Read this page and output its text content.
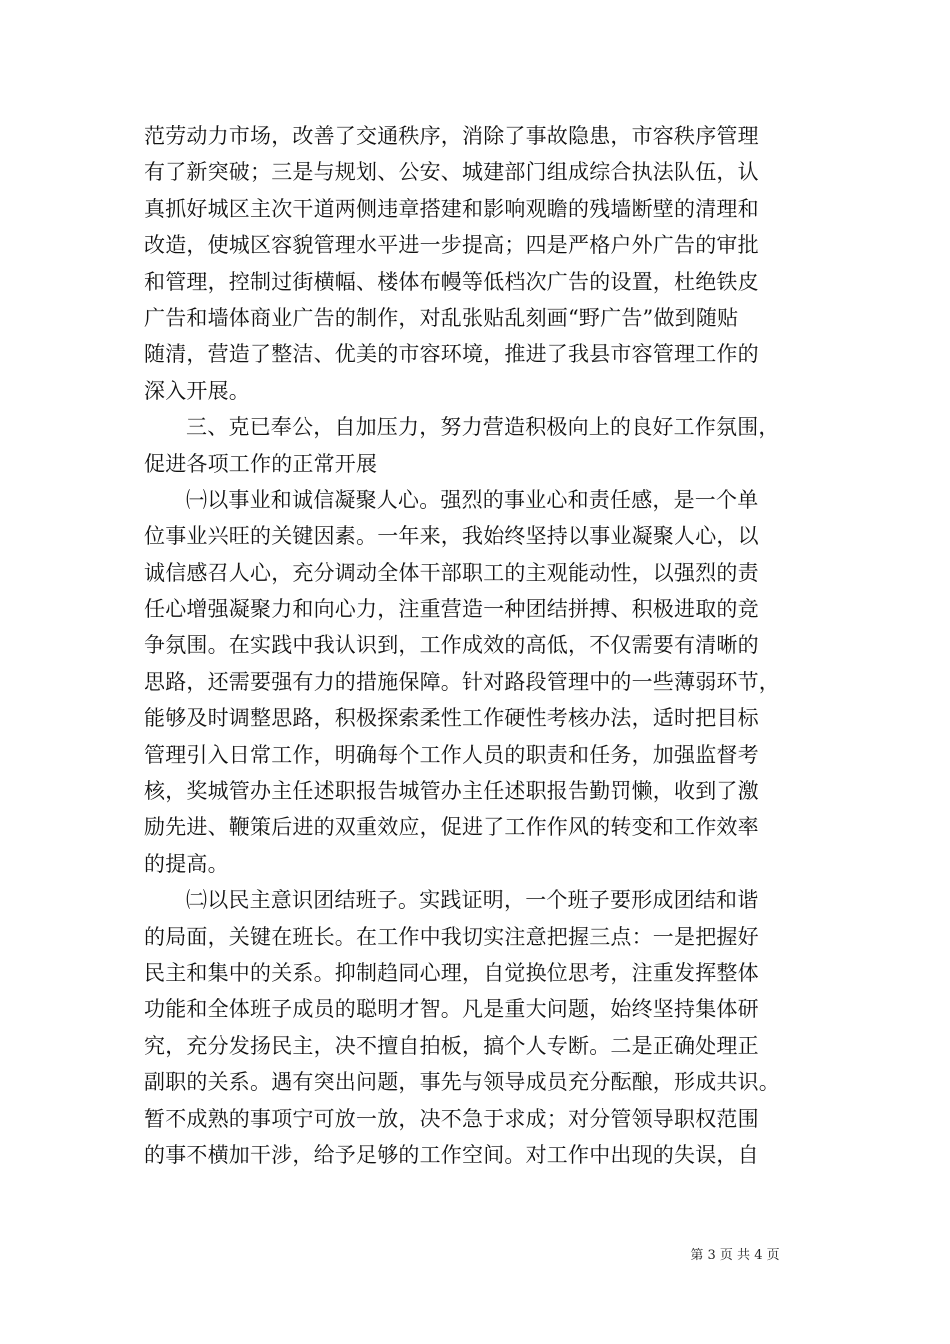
范劳动力市场，改善了交通秩序，消除了事故隐患，市容秩序管理
有了新突破；三是与规划、公安、城建部门组成综合执法队伍，认
真抓好城区主次干道两侧违章搭建和影响观瞻的残墙断壁的清理和
改造，使城区容貌管理水平进一步提高；四是严格户外广告的审批
和管理，控制过街横幅、楼体布幔等低档次广告的设置，杜绝铁皮
广告和墙体商业广告的制作，对乱张贴乱刻画“野广告”做到随贴
随清，营造了整洁、优美的市容环境，推进了我县市容管理工作的
深入开展。
三、克已奉公，自加压力，努力营造积极向上的良好工作氛围，
促进各项工作的正常开展
㈠以事业和诚信凝聚人心。强烈的事业心和责任感，是一个单
位事业兴旺的关键因素。一年来，我始终坚持以事业凝聚人心，以
诚信感召人心，充分调动全体干部职工的主观能动性，以强烈的责
任心增强凝聚力和向心力，注重营造一种团结拼搏、积极进取的竞
争氛围。在实践中我认识到，工作成效的高低，不仅需要有清晰的
思路，还需要强有力的措施保障。针对路段管理中的一些薄弱环节，
能够及时调整思路，积极探索柔性工作硬性考核办法，适时把目标
管理引入日常工作，明确每个工作人员的职责和任务，加强监督考
核，奖城管办主任述职报告城管办主任述职报告勤罚懒，收到了激
励先进、鞭策后进的双重效应，促进了工作作风的转变和工作效率
的提高。
㈡以民主意识团结班子。实践证明，一个班子要形成团结和谐
的局面，关键在班长。在工作中我切实注意把握三点：一是把握好
民主和集中的关系。抑制趋同心理，自觉换位思考，注重发挥整体
功能和全体班子成员的聪明才智。凡是重大问题，始终坚持集体研
究，充分发扬民主，决不擅自拍板，搞个人专断。二是正确处理正
副职的关系。遇有突出问题，事先与领导成员充分酝酿，形成共识。
暂不成熟的事项宁可放一放，决不急于求成；对分管领导职权范围
的事不横加干涉，给予足够的工作空间。对工作中出现的失误，自
第 3 页 共 4 页
